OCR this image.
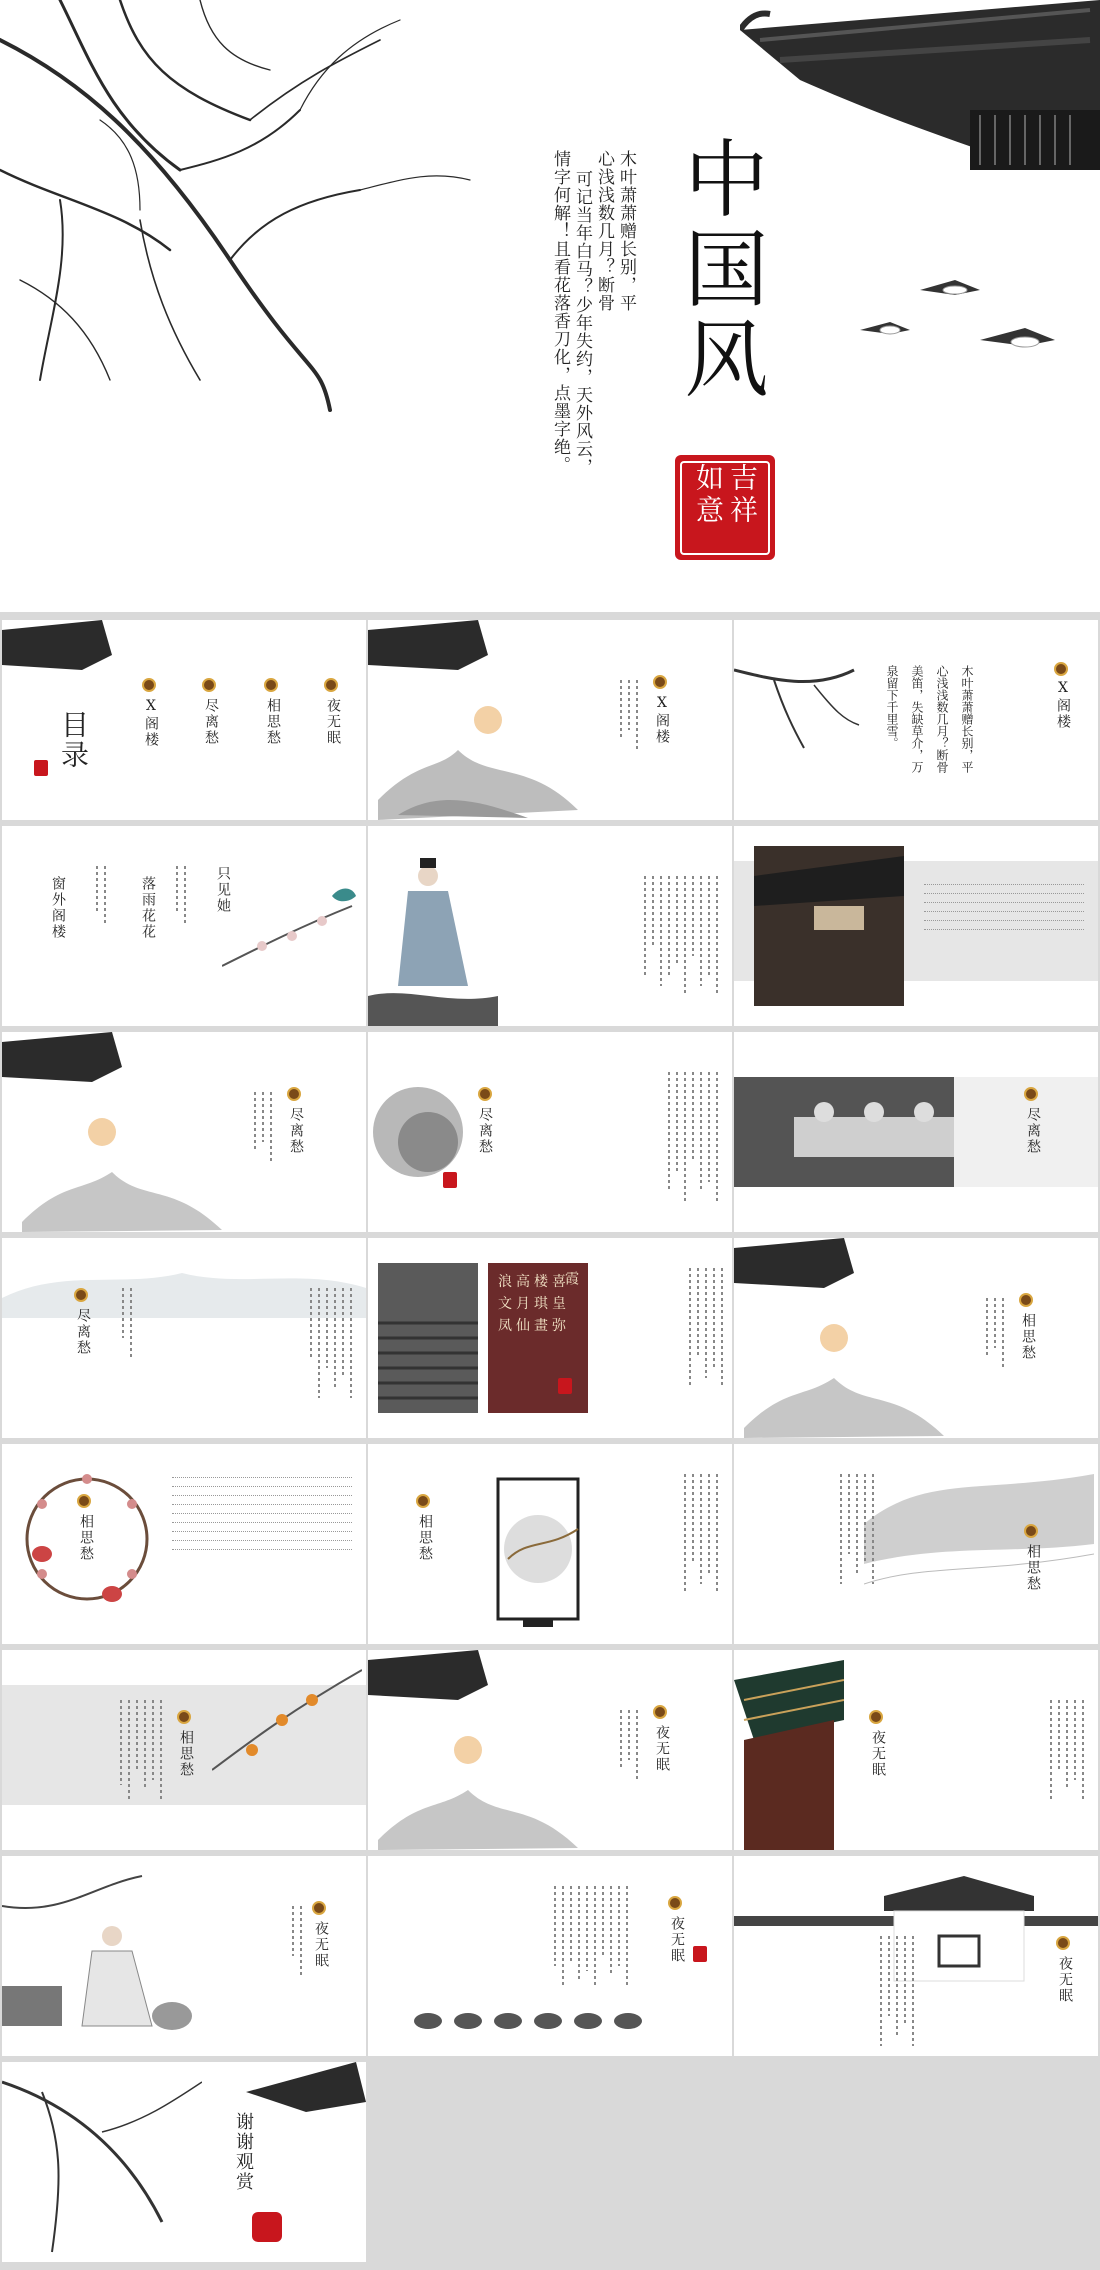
木叶萧萧赠长别，平
心浅浅数几月？断骨
可记当年白马？少年失约，天外风云，
情字何解！且看花落香刀化，点墨字绝。 中国风
吉祥如意
目录	X阁楼	尽离愁	相思愁	夜无眠	X阁楼	木叶萧萧赠长别，平
心浅浅数几月？断骨
美笛，失缺草介，万
泉留下千里雪。	X阁楼
窗外阁楼	落雨花花	只见她
尽离愁	尽离愁	尽离愁
尽离愁
霞
浪 高 楼 喜
文 月 琪 皇
凤 仙 畫 弥	相思愁
相思愁	相思愁
相思愁
相思愁	夜无眠	夜无眠
夜无眠	夜无眠
夜无眠
谢谢观赏
